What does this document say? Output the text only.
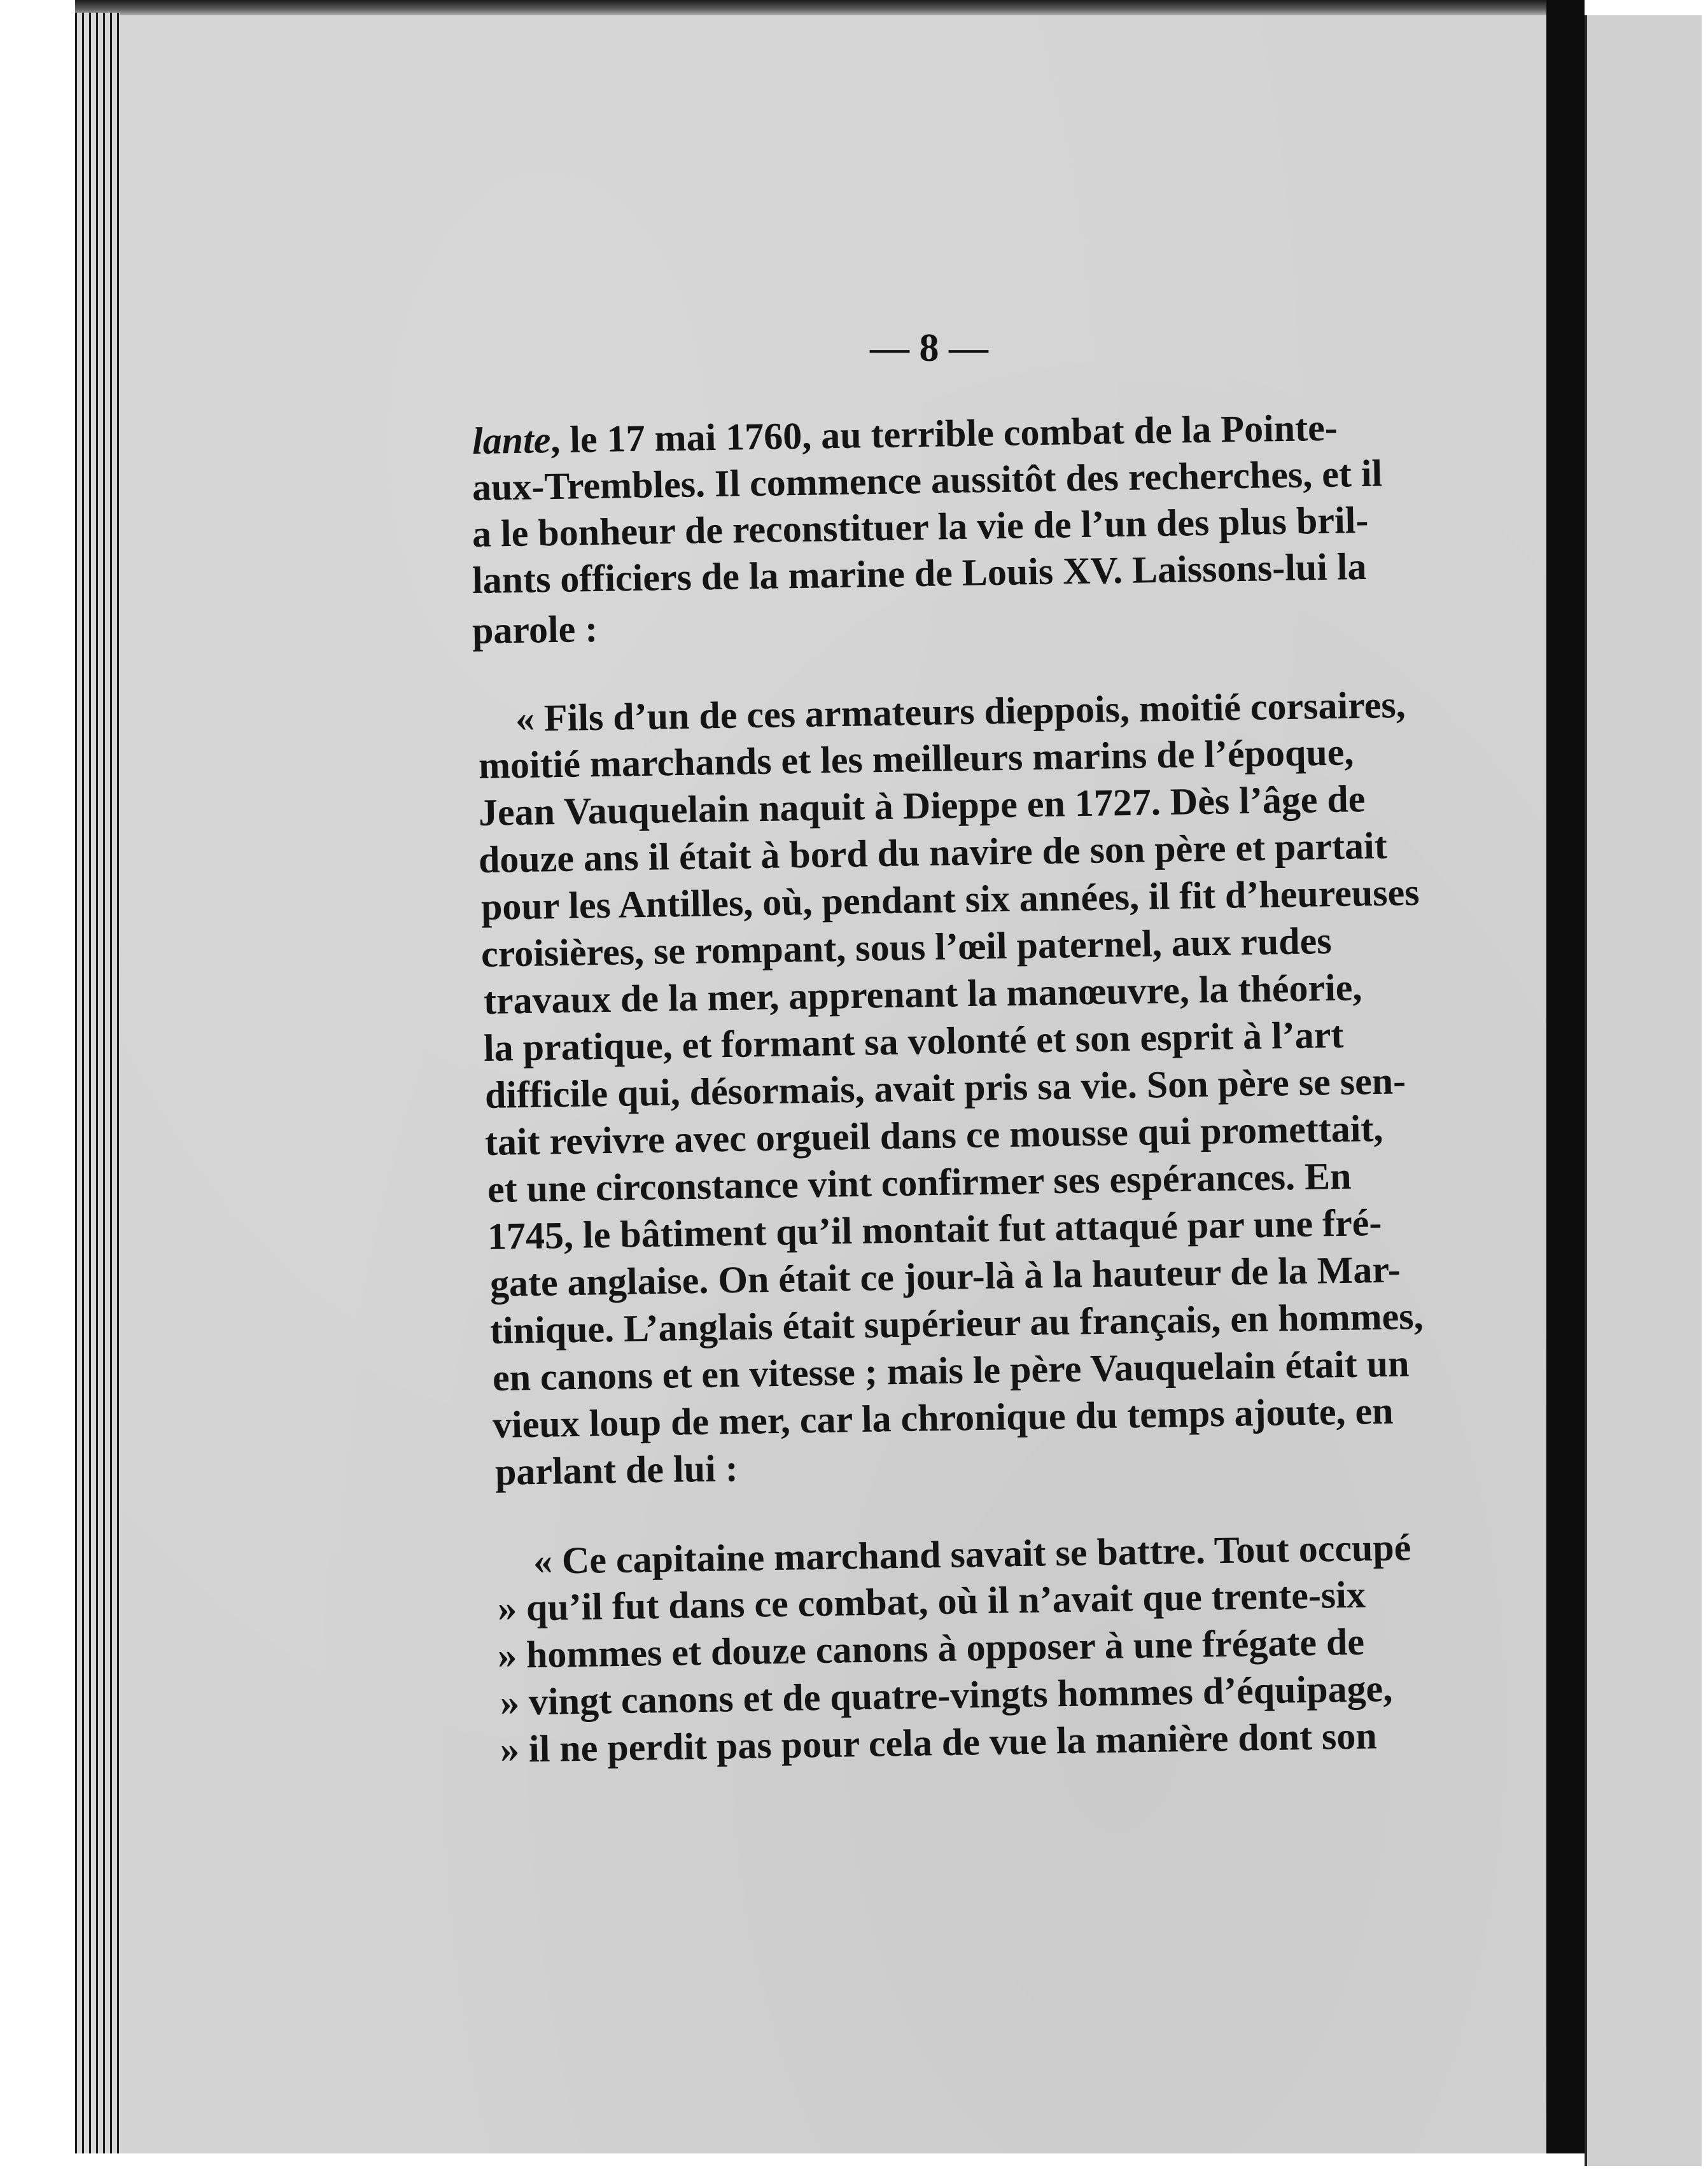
— 8 —
lante, le 17 mai 1760, au terrible combat de la Pointe-
aux-Trembles. Il commence aussitôt des recherches, et il
a le bonheur de reconstituer la vie de l’un des plus bril-
lants officiers de la marine de Louis XV. Laissons-lui la
parole :
« Fils d’un de ces armateurs dieppois, moitié corsaires,
moitié marchands et les meilleurs marins de l’époque,
Jean Vauquelain naquit à Dieppe en 1727. Dès l’âge de
douze ans il était à bord du navire de son père et partait
pour les Antilles, où, pendant six années, il fit d’heureuses
croisières, se rompant, sous l’œil paternel, aux rudes
travaux de la mer, apprenant la manœuvre, la théorie,
la pratique, et formant sa volonté et son esprit à l’art
difficile qui, désormais, avait pris sa vie. Son père se sen-
tait revivre avec orgueil dans ce mousse qui promettait,
et une circonstance vint confirmer ses espérances. En
1745, le bâtiment qu’il montait fut attaqué par une fré-
gate anglaise. On était ce jour-là à la hauteur de la Mar-
tinique. L’anglais était supérieur au français, en hommes,
en canons et en vitesse ; mais le père Vauquelain était un
vieux loup de mer, car la chronique du temps ajoute, en
parlant de lui :
« Ce capitaine marchand savait se battre. Tout occupé
» qu’il fut dans ce combat, où il n’avait que trente-six
» hommes et douze canons à opposer à une frégate de
» vingt canons et de quatre-vingts hommes d’équipage,
» il ne perdit pas pour cela de vue la manière dont son
